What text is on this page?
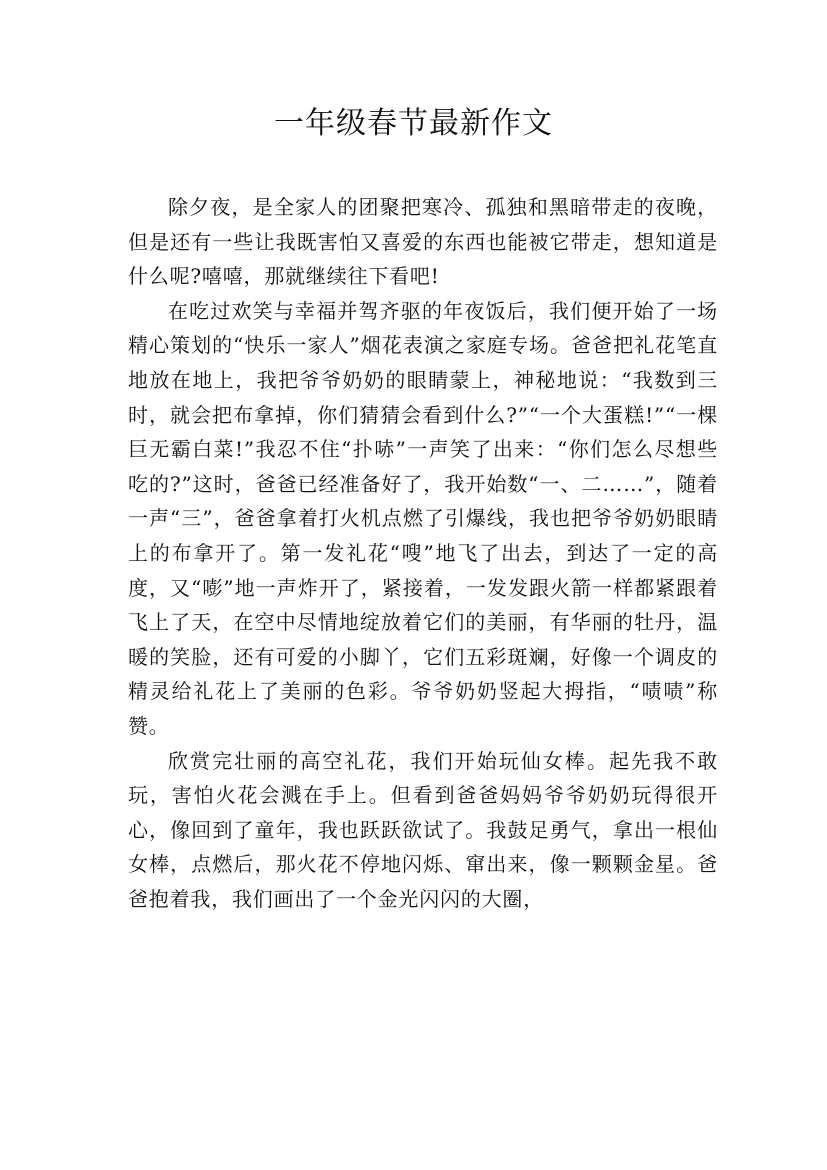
一年级春节最新作文

除夕夜，是全家人的团聚把寒冷、孤独和黑暗带走的夜晚，但是还有一些让我既害怕又喜爱的东西也能被它带走，想知道是什么呢?嘻嘻，那就继续往下看吧!

在吃过欢笑与幸福并驾齐驱的年夜饭后，我们便开始了一场精心策划的“快乐一家人”烟花表演之家庭专场。爸爸把礼花笔直地放在地上，我把爷爷奶奶的眼睛蒙上，神秘地说：“我数到三时，就会把布拿掉，你们猜猜会看到什么?”“一个大蛋糕!”“一棵巨无霸白菜!”我忍不住“扑哧”一声笑了出来：“你们怎么尽想些吃的?”这时，爸爸已经准备好了，我开始数“一、二……”，随着一声“三”，爸爸拿着打火机点燃了引爆线，我也把爷爷奶奶眼睛上的布拿开了。第一发礼花“嗖”地飞了出去，到达了一定的高度，又“嘭”地一声炸开了，紧接着，一发发跟火箭一样都紧跟着飞上了天，在空中尽情地绽放着它们的美丽，有华丽的牡丹，温暖的笑脸，还有可爱的小脚丫，它们五彩斑斓，好像一个调皮的精灵给礼花上了美丽的色彩。爷爷奶奶竖起大拇指，“啧啧”称赞。

欣赏完壮丽的高空礼花，我们开始玩仙女棒。起先我不敢玩，害怕火花会溅在手上。但看到爸爸妈妈爷爷奶奶玩得很开心，像回到了童年，我也跃跃欲试了。我鼓足勇气，拿出一根仙女棒，点燃后，那火花不停地闪烁、窜出来，像一颗颗金星。爸爸抱着我，我们画出了一个金光闪闪的大圈，
